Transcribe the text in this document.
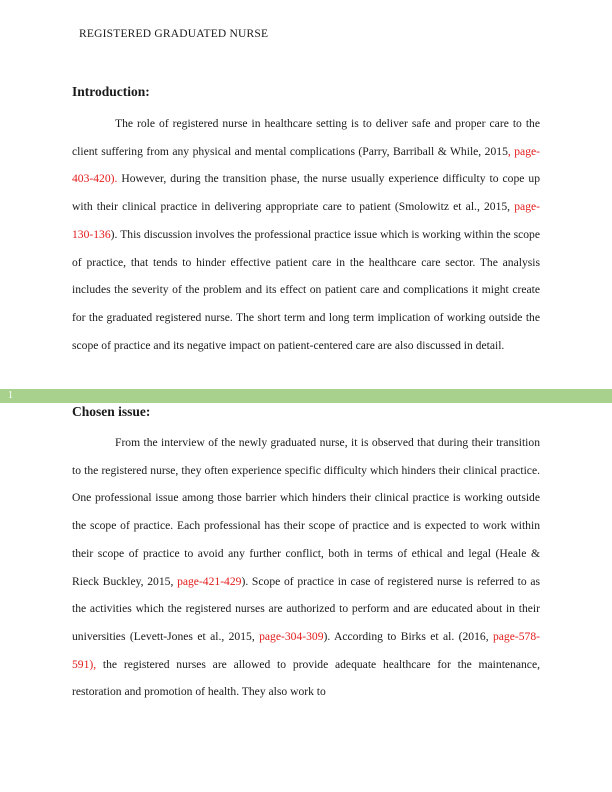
REGISTERED GRADUATED NURSE
Introduction:

The role of registered nurse in healthcare setting is to deliver safe and proper care to the client suffering from any physical and mental complications (Parry, Barriball & While, 2015, page-403-420). However, during the transition phase, the nurse usually experience difficulty to cope up with their clinical practice in delivering appropriate care to patient (Smolowitz et al., 2015, page-130-136). This discussion involves the professional practice issue which is working within the scope of practice, that tends to hinder effective patient care in the healthcare care sector. The analysis includes the severity of the problem and its effect on patient care and complications it might create for the graduated registered nurse. The short term and long term implication of working outside the scope of practice and its negative impact on patient-centered care are also discussed in detail.

1
Chosen issue:

From the interview of the newly graduated nurse, it is observed that during their transition to the registered nurse, they often experience specific difficulty which hinders their clinical practice. One professional issue among those barrier which hinders their clinical practice is working outside the scope of practice. Each professional has their scope of practice and is expected to work within their scope of practice to avoid any further conflict, both in terms of ethical and legal (Heale & Rieck Buckley, 2015, page-421-429). Scope of practice in case of registered nurse is referred to as the activities which the registered nurses are authorized to perform and are educated about in their universities (Levett-Jones et al., 2015, page-304-309). According to Birks et al. (2016, page-578-591), the registered nurses are allowed to provide adequate healthcare for the maintenance, restoration and promotion of health. They also work to
